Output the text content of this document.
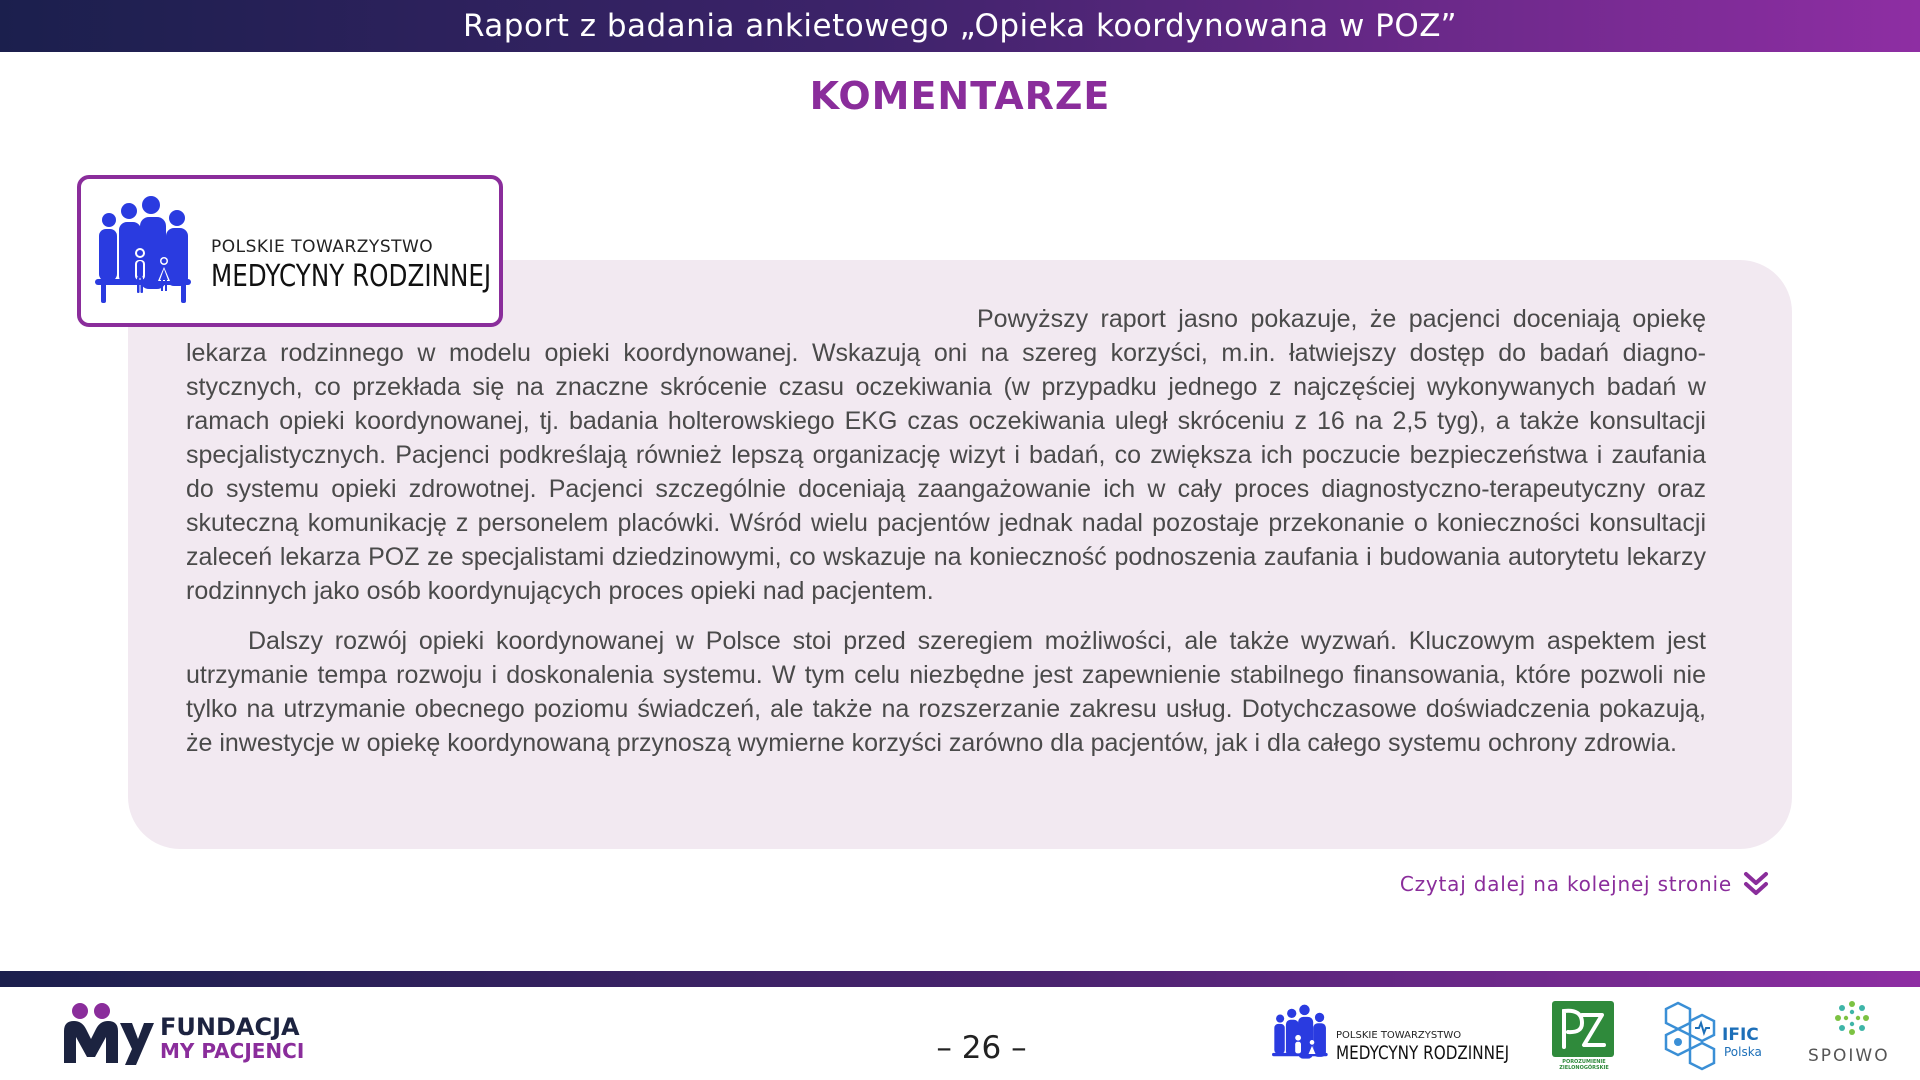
Raport z badania ankietowego „Opieka koordynowana w POZ”
KOMENTARZE

Powyższy raport jasno pokazuje, że pacjenci doceniają opiekę lekarza rodzinnego w modelu opieki koordynowanej. Wskazują oni na szereg korzyści, m.in. łatwiejszy dostęp do badań diagnostycznych, co przekłada się na znaczne skrócenie czasu oczekiwania (w przypadku jednego z najczęściej wykonywanych badań w ramach opieki koordynowanej, tj. badania holterowskiego EKG czas oczekiwania uległ skróceniu z 16 na 2,5 tyg), a także konsultacji specjalistycznych. Pacjenci podkreślają również lepszą organizację wizyt i badań, co zwiększa ich poczucie bezpieczeństwa i zaufania do systemu opieki zdrowotnej. Pacjenci szczególnie doceniają zaangażowanie ich w cały proces diagnostyczno-terapeutyczny oraz skuteczną komunikację z personelem placówki. Wśród wielu pacjentów jednak nadal pozostaje przekonanie o konieczności konsultacji zaleceń lekarza POZ ze specjalistami dziedzinowymi, co wskazuje na konieczność podnoszenia zaufania i budowania autorytetu lekarzy rodzinnych jako osób koordynujących proces opieki nad pacjentem.

Dalszy rozwój opieki koordynowanej w Polsce stoi przed szeregiem możliwości, ale także wyzwań. Kluczowym aspektem jest utrzymanie tempa rozwoju i doskonalenia systemu. W tym celu niezbędne jest zapewnienie stabilnego finansowania, które pozwoli nie tylko na utrzymanie obecnego poziomu świadczeń, ale także na rozszerzanie zakresu usług. Dotychczasowe doświadczenia pokazują, że inwestycje w opiekę koordynowaną przynoszą wymierne korzyści zarówno dla pacjentów, jak i dla całego systemu ochrony zdrowia.

POLSKIE TOWARZYSTWO
MEDYCYNY RODZINNEJ
Czytaj dalej na kolejnej stronie
FUNDACJA
MY PACJENCI	– 26 –	POLSKIE TOWARZYSTWO
MEDYCYNY RODZINNEJ	POROZUMIENIE ZIELONOGÓRSKIE
IFIC
Polska	SPOIWO
